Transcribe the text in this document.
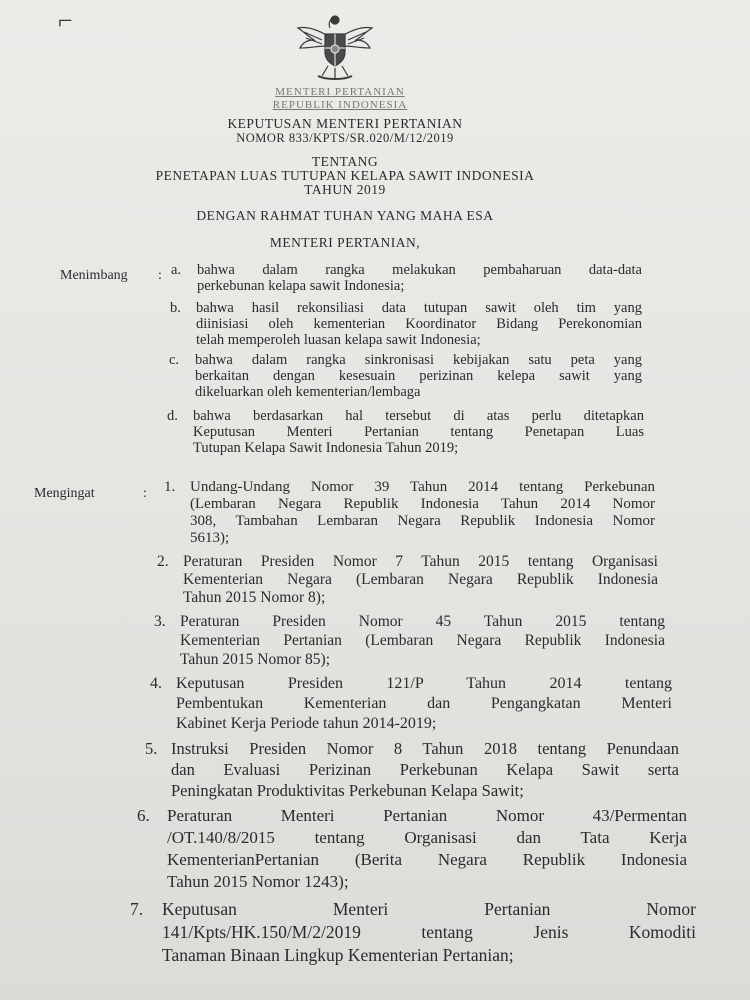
⌐
MENTERI PERTANIAN
REPUBLIK INDONESIA
KEPUTUSAN MENTERI PERTANIAN
NOMOR 833/KPTS/SR.020/M/12/2019
TENTANG
PENETAPAN LUAS TUTUPAN KELAPA SAWIT INDONESIA
TAHUN 2019
DENGAN RAHMAT TUHAN YANG MAHA ESA
MENTERI PERTANIAN,
Menimbang : a. bahwa dalam rangka melakukan pembaharuan data-data
perkebunan kelapa sawit Indonesia;
b. bahwa hasil rekonsiliasi data tutupan sawit oleh tim yang
diinisiasi oleh kementerian Koordinator Bidang Perekonomian
telah memperoleh luasan kelapa sawit Indonesia;
c. bahwa dalam rangka sinkronisasi kebijakan satu peta yang
berkaitan dengan kesesuain perizinan kelepa sawit yang
dikeluarkan oleh kementerian/lembaga
d. bahwa berdasarkan hal tersebut di atas perlu ditetapkan
Keputusan Menteri Pertanian tentang Penetapan Luas
Tutupan Kelapa Sawit Indonesia Tahun 2019;
Mengingat	: 1. Undang-Undang Nomor 39 Tahun 2014 tentang Perkebunan
(Lembaran Negara Republik Indonesia Tahun 2014 Nomor
308, Tambahan Lembaran Negara Republik Indonesia Nomor
5613);
2. Peraturan Presiden Nomor 7 Tahun 2015 tentang Organisasi
Kementerian Negara (Lembaran Negara Republik Indonesia
Tahun 2015 Nomor 8);
3. Peraturan Presiden Nomor 45 Tahun 2015 tentang
Kementerian Pertanian (Lembaran Negara Republik Indonesia
Tahun 2015 Nomor 85);
4. Keputusan Presiden 121/P Tahun 2014 tentang
Pembentukan Kementerian dan Pengangkatan Menteri
Kabinet Kerja Periode tahun 2014-2019;
5. Instruksi Presiden Nomor 8 Tahun 2018 tentang Penundaan
dan Evaluasi Perizinan Perkebunan Kelapa Sawit serta
Peningkatan Produktivitas Perkebunan Kelapa Sawit;
6. Peraturan Menteri Pertanian Nomor 43/Permentan
/OT.140/8/2015 tentang Organisasi dan Tata Kerja
KementerianPertanian (Berita Negara Republik Indonesia
Tahun 2015 Nomor 1243);
7. Keputusan Menteri Pertanian Nomor
141/Kpts/HK.150/M/2/2019 tentang Jenis Komoditi
Tanaman Binaan Lingkup Kementerian Pertanian;
